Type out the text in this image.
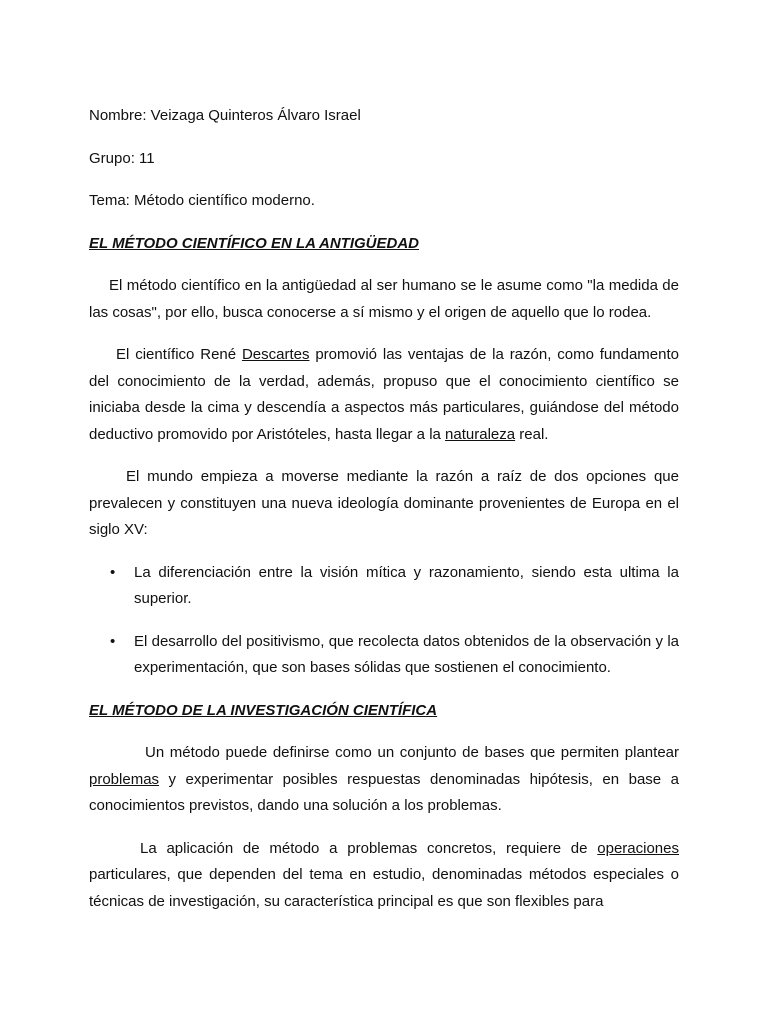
Nombre: Veizaga Quinteros Álvaro Israel

Grupo: 11

Tema: Método científico moderno.

EL MÉTODO CIENTÍFICO EN LA ANTIGÜEDAD

El método científico en la antigüedad al ser humano se le asume como "la medida de las cosas", por ello, busca conocerse a sí mismo y el origen de aquello que lo rodea.

El científico René Descartes promovió las ventajas de la razón, como fundamento del conocimiento de la verdad, además, propuso que el conocimiento científico se iniciaba desde la cima y descendía a aspectos más particulares, guiándose del método deductivo promovido por Aristóteles, hasta llegar a la naturaleza real.

El mundo empieza a moverse mediante la razón a raíz de dos opciones que prevalecen y constituyen una nueva ideología dominante provenientes de Europa en el siglo XV:

• La diferenciación entre la visión mítica y razonamiento, siendo esta ultima la superior.
• El desarrollo del positivismo, que recolecta datos obtenidos de la observación y la experimentación, que son bases sólidas que sostienen el conocimiento.

EL MÉTODO DE LA INVESTIGACIÓN CIENTÍFICA

Un método puede definirse como un conjunto de bases que permiten plantear problemas y experimentar posibles respuestas denominadas hipótesis, en base a conocimientos previstos, dando una solución a los problemas.

La aplicación de método a problemas concretos, requiere de operaciones particulares, que dependen del tema en estudio, denominadas métodos especiales o técnicas de investigación, su característica principal es que son flexibles para
